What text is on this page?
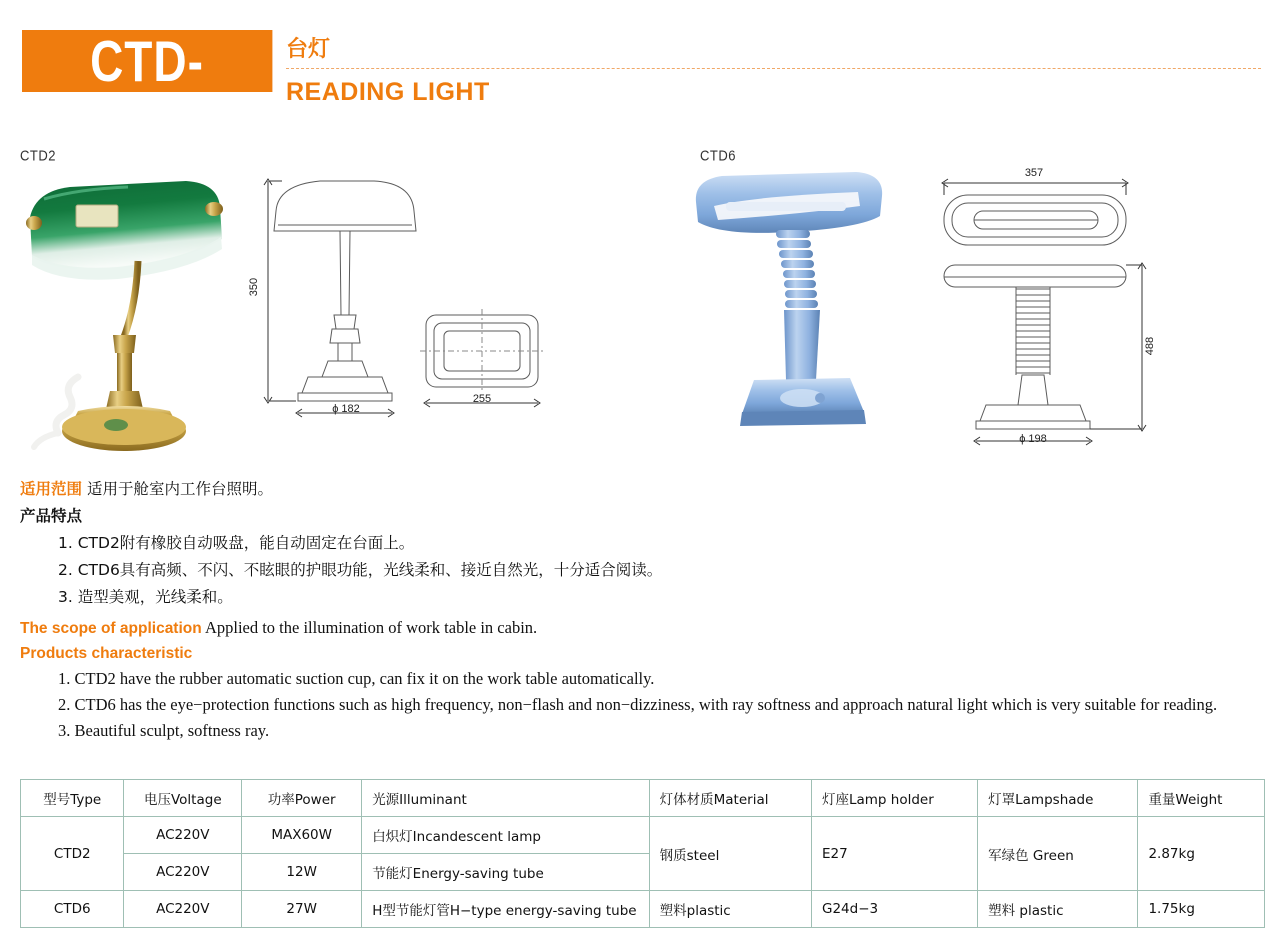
CTD-	台灯
READING LIGHT
CTD2
350
ϕ 182
255
CTD6
357
488
ϕ 198
适用范围 适用于舱室内工作台照明。
产品特点
1. CTD2附有橡胶自动吸盘，能自动固定在台面上。
2. CTD6具有高频、不闪、不眩眼的护眼功能，光线柔和、接近自然光，十分适合阅读。
3. 造型美观，光线柔和。
The scope of application Applied to the illumination of work table in cabin.
Products characteristic
1. CTD2 have the rubber automatic suction cup, can fix it on the work table automatically.
2. CTD6 has the eye−protection functions such as high frequency, non−flash and non−dizziness, with ray softness and approach natural light which is very suitable for reading.
3. Beautiful sculpt, softness ray.
型号Type	电压Voltage	功率Power	光源Illuminant	灯体材质Material	灯座Lamp holder	灯罩Lampshade	重量Weight
CTD2	AC220V	MAX60W	白炽灯Incandescent lamp	钢质steel	E27	军绿色 Green	2.87kg
	AC220V	12W	节能灯Energy-saving tube				
CTD6	AC220V	27W	H型节能灯管H−type energy-saving tube	塑料plastic	G24d−3	塑料 plastic	1.75kg
